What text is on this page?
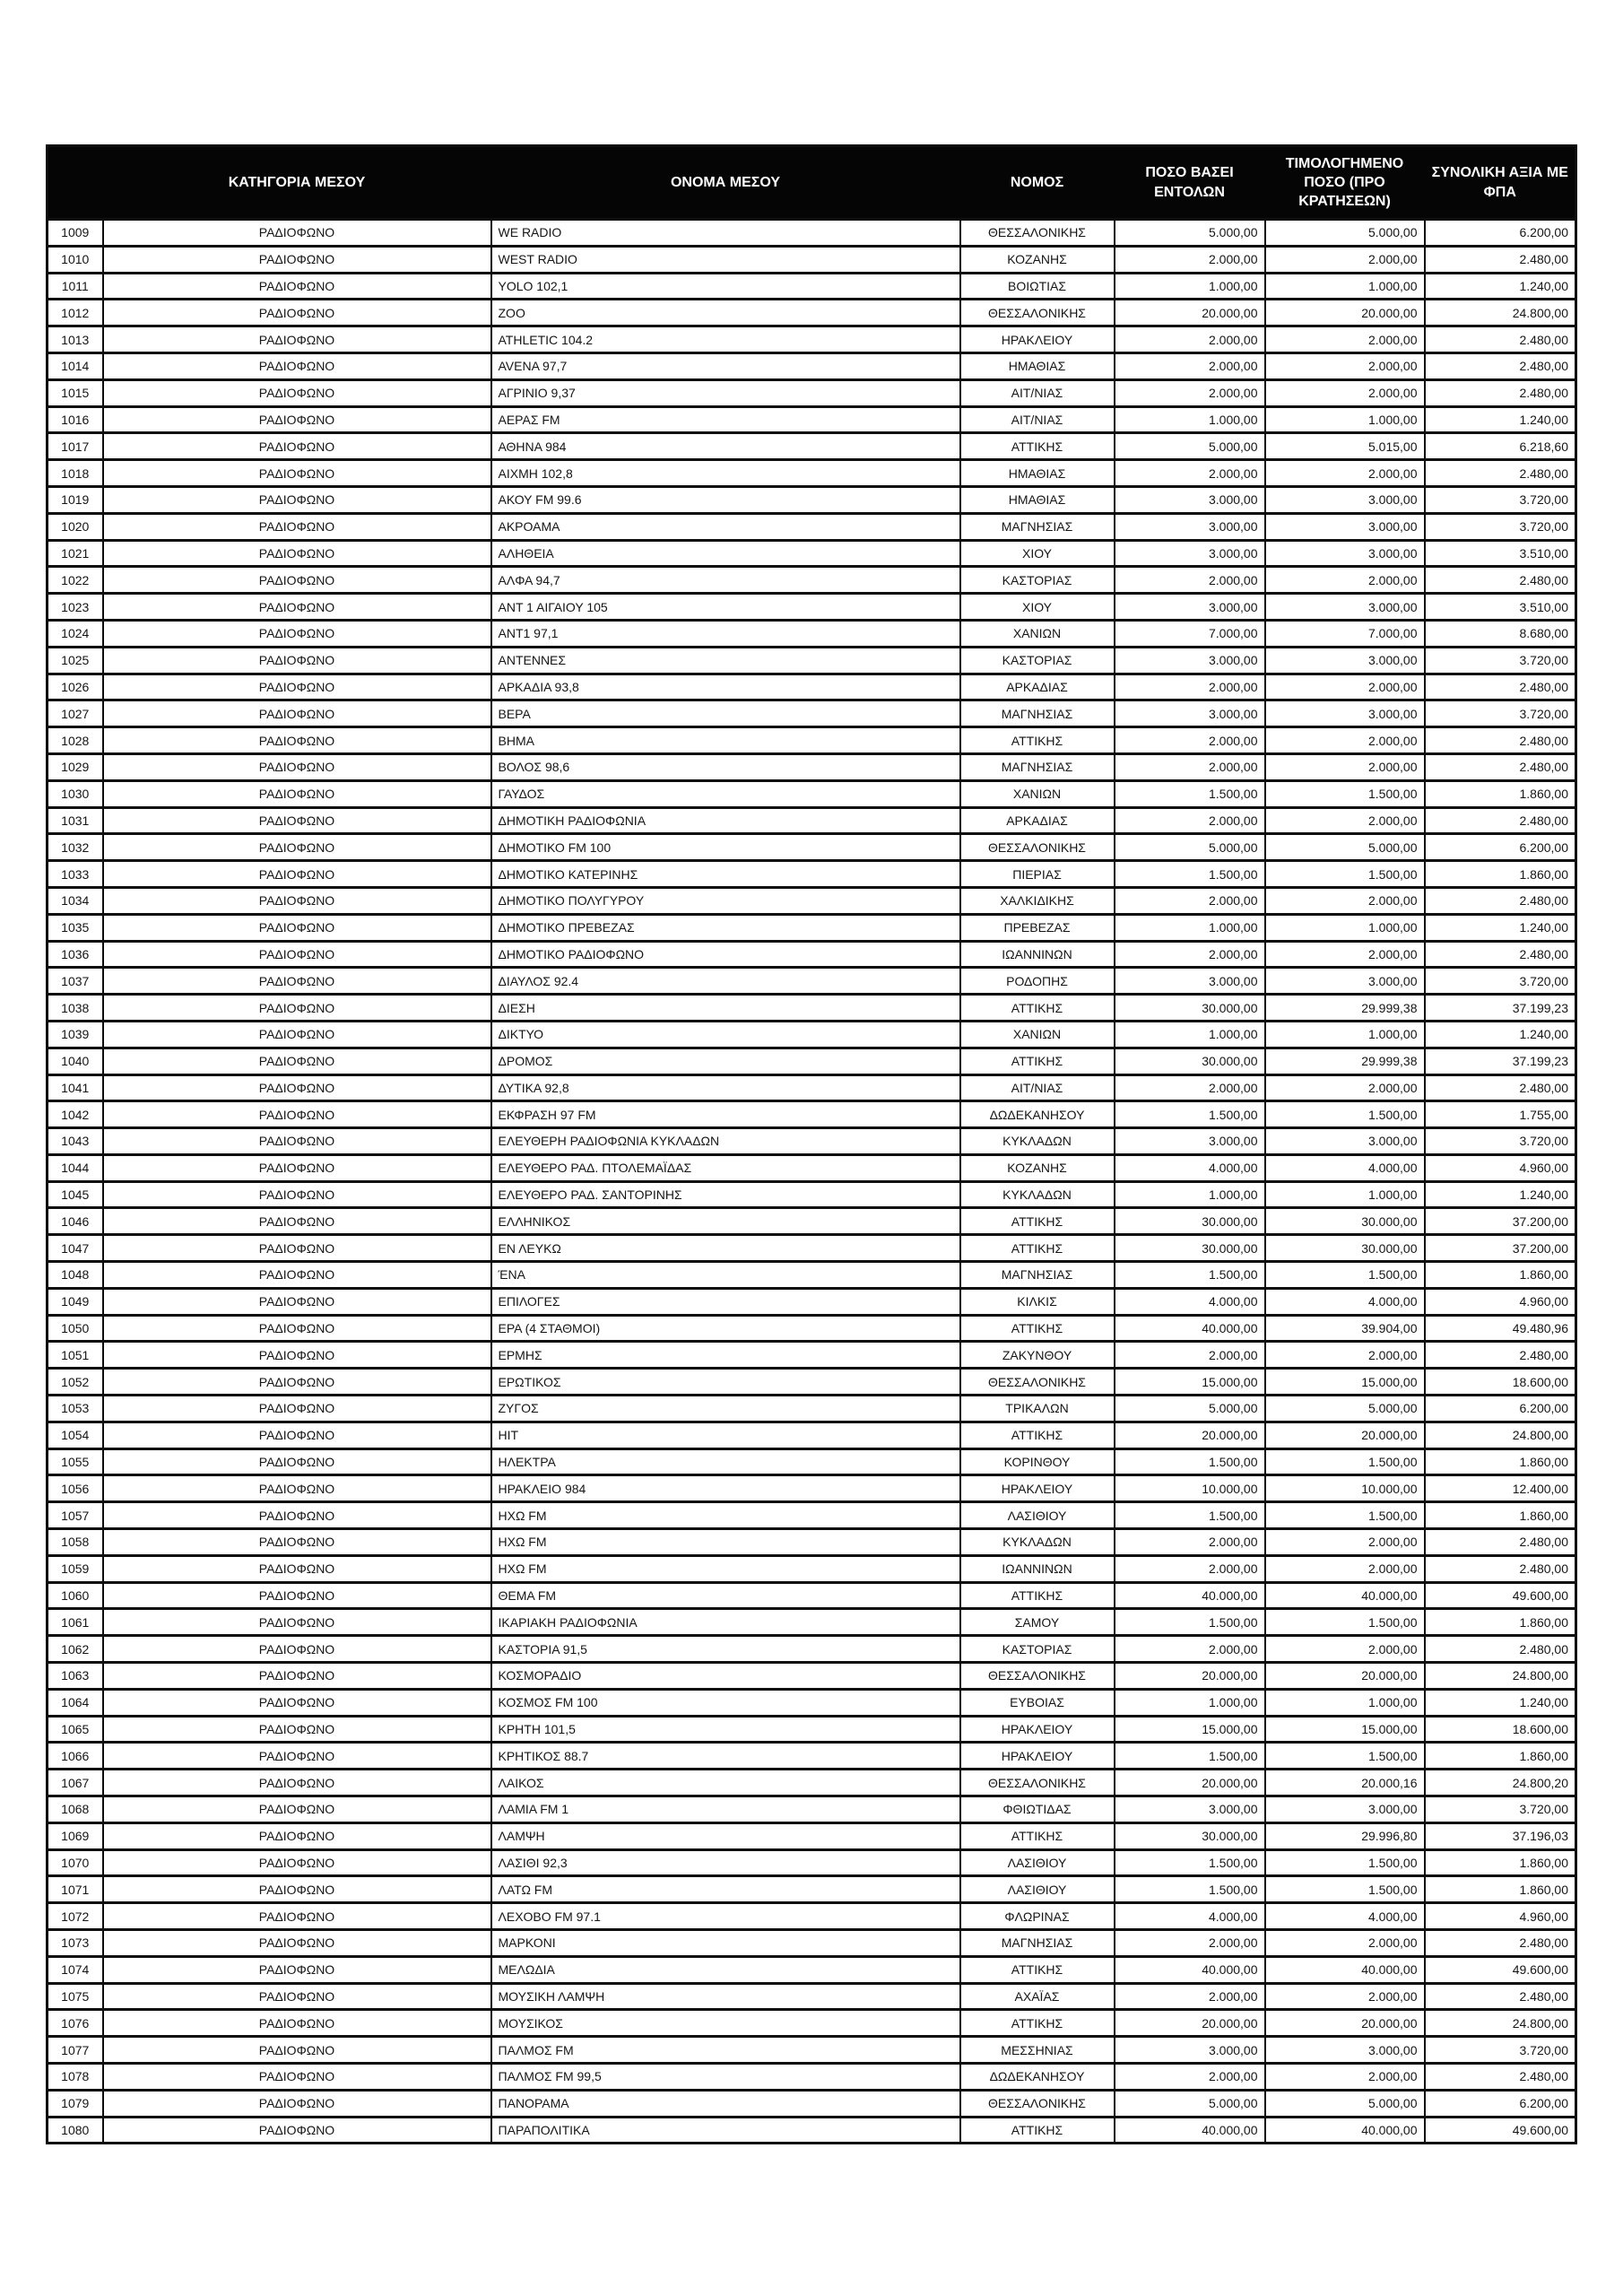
	ΚΑΤΗΓΟΡΙΑ ΜΕΣΟΥ	ΟΝΟΜΑ ΜΕΣΟΥ	ΝΟΜΟΣ	ΠΟΣΟ ΒΑΣΕΙ ΕΝΤΟΛΩΝ	ΤΙΜΟΛΟΓΗΜΕΝΟ ΠΟΣΟ (ΠΡΟ ΚΡΑΤΗΣΕΩΝ)	ΣΥΝΟΛΙΚΗ ΑΞΙΑ ΜΕ ΦΠΑ
1009	ΡΑΔΙΟΦΩΝΟ	WE RADIO	ΘΕΣΣΑΛΟΝΙΚΗΣ	5.000,00	5.000,00	6.200,00
1010	ΡΑΔΙΟΦΩΝΟ	WEST RADIO	ΚΟΖΑΝΗΣ	2.000,00	2.000,00	2.480,00
1011	ΡΑΔΙΟΦΩΝΟ	YOLO 102,1	ΒΟΙΩΤΙΑΣ	1.000,00	1.000,00	1.240,00
1012	ΡΑΔΙΟΦΩΝΟ	ZOO	ΘΕΣΣΑΛΟΝΙΚΗΣ	20.000,00	20.000,00	24.800,00
1013	ΡΑΔΙΟΦΩΝΟ	ATHLETIC 104.2	ΗΡΑΚΛΕΙΟΥ	2.000,00	2.000,00	2.480,00
1014	ΡΑΔΙΟΦΩΝΟ	AVENA 97,7	ΗΜΑΘΙΑΣ	2.000,00	2.000,00	2.480,00
1015	ΡΑΔΙΟΦΩΝΟ	ΑΓΡΙΝΙΟ 9,37	ΑΙΤ/ΝΙΑΣ	2.000,00	2.000,00	2.480,00
1016	ΡΑΔΙΟΦΩΝΟ	ΑΕΡΑΣ FM	ΑΙΤ/ΝΙΑΣ	1.000,00	1.000,00	1.240,00
1017	ΡΑΔΙΟΦΩΝΟ	ΑΘΗΝΑ 984	ΑΤΤΙΚΗΣ	5.000,00	5.015,00	6.218,60
1018	ΡΑΔΙΟΦΩΝΟ	ΑΙΧΜΗ 102,8	ΗΜΑΘΙΑΣ	2.000,00	2.000,00	2.480,00
1019	ΡΑΔΙΟΦΩΝΟ	ΑΚΟΥ FM 99.6	ΗΜΑΘΙΑΣ	3.000,00	3.000,00	3.720,00
1020	ΡΑΔΙΟΦΩΝΟ	ΑΚΡΟΑΜΑ	ΜΑΓΝΗΣΙΑΣ	3.000,00	3.000,00	3.720,00
1021	ΡΑΔΙΟΦΩΝΟ	ΑΛΗΘΕΙΑ	ΧΙΟΥ	3.000,00	3.000,00	3.510,00
1022	ΡΑΔΙΟΦΩΝΟ	ΑΛΦΑ 94,7	ΚΑΣΤΟΡΙΑΣ	2.000,00	2.000,00	2.480,00
1023	ΡΑΔΙΟΦΩΝΟ	ΑΝΤ 1 ΑΙΓΑΙΟΥ 105	ΧΙΟΥ	3.000,00	3.000,00	3.510,00
1024	ΡΑΔΙΟΦΩΝΟ	ΑΝΤ1 97,1	ΧΑΝΙΩΝ	7.000,00	7.000,00	8.680,00
1025	ΡΑΔΙΟΦΩΝΟ	ΑΝΤΕΝΝΕΣ	ΚΑΣΤΟΡΙΑΣ	3.000,00	3.000,00	3.720,00
1026	ΡΑΔΙΟΦΩΝΟ	ΑΡΚΑΔΙΑ 93,8	ΑΡΚΑΔΙΑΣ	2.000,00	2.000,00	2.480,00
1027	ΡΑΔΙΟΦΩΝΟ	ΒΕΡΑ	ΜΑΓΝΗΣΙΑΣ	3.000,00	3.000,00	3.720,00
1028	ΡΑΔΙΟΦΩΝΟ	ΒΗΜΑ	ΑΤΤΙΚΗΣ	2.000,00	2.000,00	2.480,00
1029	ΡΑΔΙΟΦΩΝΟ	ΒΟΛΟΣ 98,6	ΜΑΓΝΗΣΙΑΣ	2.000,00	2.000,00	2.480,00
1030	ΡΑΔΙΟΦΩΝΟ	ΓΑΥΔΟΣ	ΧΑΝΙΩΝ	1.500,00	1.500,00	1.860,00
1031	ΡΑΔΙΟΦΩΝΟ	ΔΗΜΟΤΙΚΗ ΡΑΔΙΟΦΩΝΙΑ	ΑΡΚΑΔΙΑΣ	2.000,00	2.000,00	2.480,00
1032	ΡΑΔΙΟΦΩΝΟ	ΔΗΜΟΤΙΚΟ FM 100	ΘΕΣΣΑΛΟΝΙΚΗΣ	5.000,00	5.000,00	6.200,00
1033	ΡΑΔΙΟΦΩΝΟ	ΔΗΜΟΤΙΚΟ ΚΑΤΕΡΙΝΗΣ	ΠΙΕΡΙΑΣ	1.500,00	1.500,00	1.860,00
1034	ΡΑΔΙΟΦΩΝΟ	ΔΗΜΟΤΙΚΟ ΠΟΛΥΓΥΡΟΥ	ΧΑΛΚΙΔΙΚΗΣ	2.000,00	2.000,00	2.480,00
1035	ΡΑΔΙΟΦΩΝΟ	ΔΗΜΟΤΙΚΟ ΠΡΕΒΕΖΑΣ	ΠΡΕΒΕΖΑΣ	1.000,00	1.000,00	1.240,00
1036	ΡΑΔΙΟΦΩΝΟ	ΔΗΜΟΤΙΚΟ ΡΑΔΙΟΦΩΝΟ	ΙΩΑΝΝΙΝΩΝ	2.000,00	2.000,00	2.480,00
1037	ΡΑΔΙΟΦΩΝΟ	ΔΙΑΥΛΟΣ 92.4	ΡΟΔΟΠΗΣ	3.000,00	3.000,00	3.720,00
1038	ΡΑΔΙΟΦΩΝΟ	ΔΙΕΣΗ	ΑΤΤΙΚΗΣ	30.000,00	29.999,38	37.199,23
1039	ΡΑΔΙΟΦΩΝΟ	ΔΙΚΤΥΟ	ΧΑΝΙΩΝ	1.000,00	1.000,00	1.240,00
1040	ΡΑΔΙΟΦΩΝΟ	ΔΡΟΜΟΣ	ΑΤΤΙΚΗΣ	30.000,00	29.999,38	37.199,23
1041	ΡΑΔΙΟΦΩΝΟ	ΔΥΤΙΚΑ 92,8	ΑΙΤ/ΝΙΑΣ	2.000,00	2.000,00	2.480,00
1042	ΡΑΔΙΟΦΩΝΟ	ΕΚΦΡΑΣΗ 97 FM	ΔΩΔΕΚΑΝΗΣΟΥ	1.500,00	1.500,00	1.755,00
1043	ΡΑΔΙΟΦΩΝΟ	ΕΛΕΥΘΕΡΗ ΡΑΔΙΟΦΩΝΙΑ ΚΥΚΛΑΔΩΝ	ΚΥΚΛΑΔΩΝ	3.000,00	3.000,00	3.720,00
1044	ΡΑΔΙΟΦΩΝΟ	ΕΛΕΥΘΕΡΟ ΡΑΔ. ΠΤΟΛΕΜΑΪΔΑΣ	ΚΟΖΑΝΗΣ	4.000,00	4.000,00	4.960,00
1045	ΡΑΔΙΟΦΩΝΟ	ΕΛΕΥΘΕΡΟ ΡΑΔ. ΣΑΝΤΟΡΙΝΗΣ	ΚΥΚΛΑΔΩΝ	1.000,00	1.000,00	1.240,00
1046	ΡΑΔΙΟΦΩΝΟ	ΕΛΛΗΝΙΚΟΣ	ΑΤΤΙΚΗΣ	30.000,00	30.000,00	37.200,00
1047	ΡΑΔΙΟΦΩΝΟ	ΕΝ ΛΕΥΚΩ	ΑΤΤΙΚΗΣ	30.000,00	30.000,00	37.200,00
1048	ΡΑΔΙΟΦΩΝΟ	ΈΝΑ	ΜΑΓΝΗΣΙΑΣ	1.500,00	1.500,00	1.860,00
1049	ΡΑΔΙΟΦΩΝΟ	ΕΠΙΛΟΓΕΣ	ΚΙΛΚΙΣ	4.000,00	4.000,00	4.960,00
1050	ΡΑΔΙΟΦΩΝΟ	ΕΡΑ (4 ΣΤΑΘΜΟΙ)	ΑΤΤΙΚΗΣ	40.000,00	39.904,00	49.480,96
1051	ΡΑΔΙΟΦΩΝΟ	ΕΡΜΗΣ	ΖΑΚΥΝΘΟΥ	2.000,00	2.000,00	2.480,00
1052	ΡΑΔΙΟΦΩΝΟ	ΕΡΩΤΙΚΟΣ	ΘΕΣΣΑΛΟΝΙΚΗΣ	15.000,00	15.000,00	18.600,00
1053	ΡΑΔΙΟΦΩΝΟ	ΖΥΓΟΣ	ΤΡΙΚΑΛΩΝ	5.000,00	5.000,00	6.200,00
1054	ΡΑΔΙΟΦΩΝΟ	HIT	ΑΤΤΙΚΗΣ	20.000,00	20.000,00	24.800,00
1055	ΡΑΔΙΟΦΩΝΟ	ΗΛΕΚΤΡΑ	ΚΟΡΙΝΘΟΥ	1.500,00	1.500,00	1.860,00
1056	ΡΑΔΙΟΦΩΝΟ	ΗΡΑΚΛΕΙΟ 984	ΗΡΑΚΛΕΙΟΥ	10.000,00	10.000,00	12.400,00
1057	ΡΑΔΙΟΦΩΝΟ	ΗΧΩ FM	ΛΑΣΙΘΙΟΥ	1.500,00	1.500,00	1.860,00
1058	ΡΑΔΙΟΦΩΝΟ	ΗΧΩ FM	ΚΥΚΛΑΔΩΝ	2.000,00	2.000,00	2.480,00
1059	ΡΑΔΙΟΦΩΝΟ	ΗΧΩ FM	ΙΩΑΝΝΙΝΩΝ	2.000,00	2.000,00	2.480,00
1060	ΡΑΔΙΟΦΩΝΟ	ΘΕΜΑ FM	ΑΤΤΙΚΗΣ	40.000,00	40.000,00	49.600,00
1061	ΡΑΔΙΟΦΩΝΟ	ΙΚΑΡΙΑΚΗ ΡΑΔΙΟΦΩΝΙΑ	ΣΑΜΟΥ	1.500,00	1.500,00	1.860,00
1062	ΡΑΔΙΟΦΩΝΟ	ΚΑΣΤΟΡΙΑ 91,5	ΚΑΣΤΟΡΙΑΣ	2.000,00	2.000,00	2.480,00
1063	ΡΑΔΙΟΦΩΝΟ	ΚΟΣΜΟΡΑΔΙΟ	ΘΕΣΣΑΛΟΝΙΚΗΣ	20.000,00	20.000,00	24.800,00
1064	ΡΑΔΙΟΦΩΝΟ	ΚΟΣΜΟΣ FM 100	ΕΥΒΟΙΑΣ	1.000,00	1.000,00	1.240,00
1065	ΡΑΔΙΟΦΩΝΟ	ΚΡΗΤΗ 101,5	ΗΡΑΚΛΕΙΟΥ	15.000,00	15.000,00	18.600,00
1066	ΡΑΔΙΟΦΩΝΟ	ΚΡΗΤΙΚΟΣ 88.7	ΗΡΑΚΛΕΙΟΥ	1.500,00	1.500,00	1.860,00
1067	ΡΑΔΙΟΦΩΝΟ	ΛΑΙΚΟΣ	ΘΕΣΣΑΛΟΝΙΚΗΣ	20.000,00	20.000,16	24.800,20
1068	ΡΑΔΙΟΦΩΝΟ	ΛΑΜΙΑ FM 1	ΦΘΙΩΤΙΔΑΣ	3.000,00	3.000,00	3.720,00
1069	ΡΑΔΙΟΦΩΝΟ	ΛΑΜΨΗ	ΑΤΤΙΚΗΣ	30.000,00	29.996,80	37.196,03
1070	ΡΑΔΙΟΦΩΝΟ	ΛΑΣΙΘΙ 92,3	ΛΑΣΙΘΙΟΥ	1.500,00	1.500,00	1.860,00
1071	ΡΑΔΙΟΦΩΝΟ	ΛΑΤΩ FM	ΛΑΣΙΘΙΟΥ	1.500,00	1.500,00	1.860,00
1072	ΡΑΔΙΟΦΩΝΟ	ΛΕΧΟΒΟ FM 97.1	ΦΛΩΡΙΝΑΣ	4.000,00	4.000,00	4.960,00
1073	ΡΑΔΙΟΦΩΝΟ	ΜΑΡΚΟΝΙ	ΜΑΓΝΗΣΙΑΣ	2.000,00	2.000,00	2.480,00
1074	ΡΑΔΙΟΦΩΝΟ	ΜΕΛΩΔΙΑ	ΑΤΤΙΚΗΣ	40.000,00	40.000,00	49.600,00
1075	ΡΑΔΙΟΦΩΝΟ	ΜΟΥΣΙΚΗ ΛΑΜΨΗ	ΑΧΑΪΑΣ	2.000,00	2.000,00	2.480,00
1076	ΡΑΔΙΟΦΩΝΟ	ΜΟΥΣΙΚΟΣ	ΑΤΤΙΚΗΣ	20.000,00	20.000,00	24.800,00
1077	ΡΑΔΙΟΦΩΝΟ	ΠΑΛΜΟΣ FM	ΜΕΣΣΗΝΙΑΣ	3.000,00	3.000,00	3.720,00
1078	ΡΑΔΙΟΦΩΝΟ	ΠΑΛΜΟΣ FM 99,5	ΔΩΔΕΚΑΝΗΣΟΥ	2.000,00	2.000,00	2.480,00
1079	ΡΑΔΙΟΦΩΝΟ	ΠΑΝΟΡΑΜΑ	ΘΕΣΣΑΛΟΝΙΚΗΣ	5.000,00	5.000,00	6.200,00
1080	ΡΑΔΙΟΦΩΝΟ	ΠΑΡΑΠΟΛΙΤΙΚΑ	ΑΤΤΙΚΗΣ	40.000,00	40.000,00	49.600,00
